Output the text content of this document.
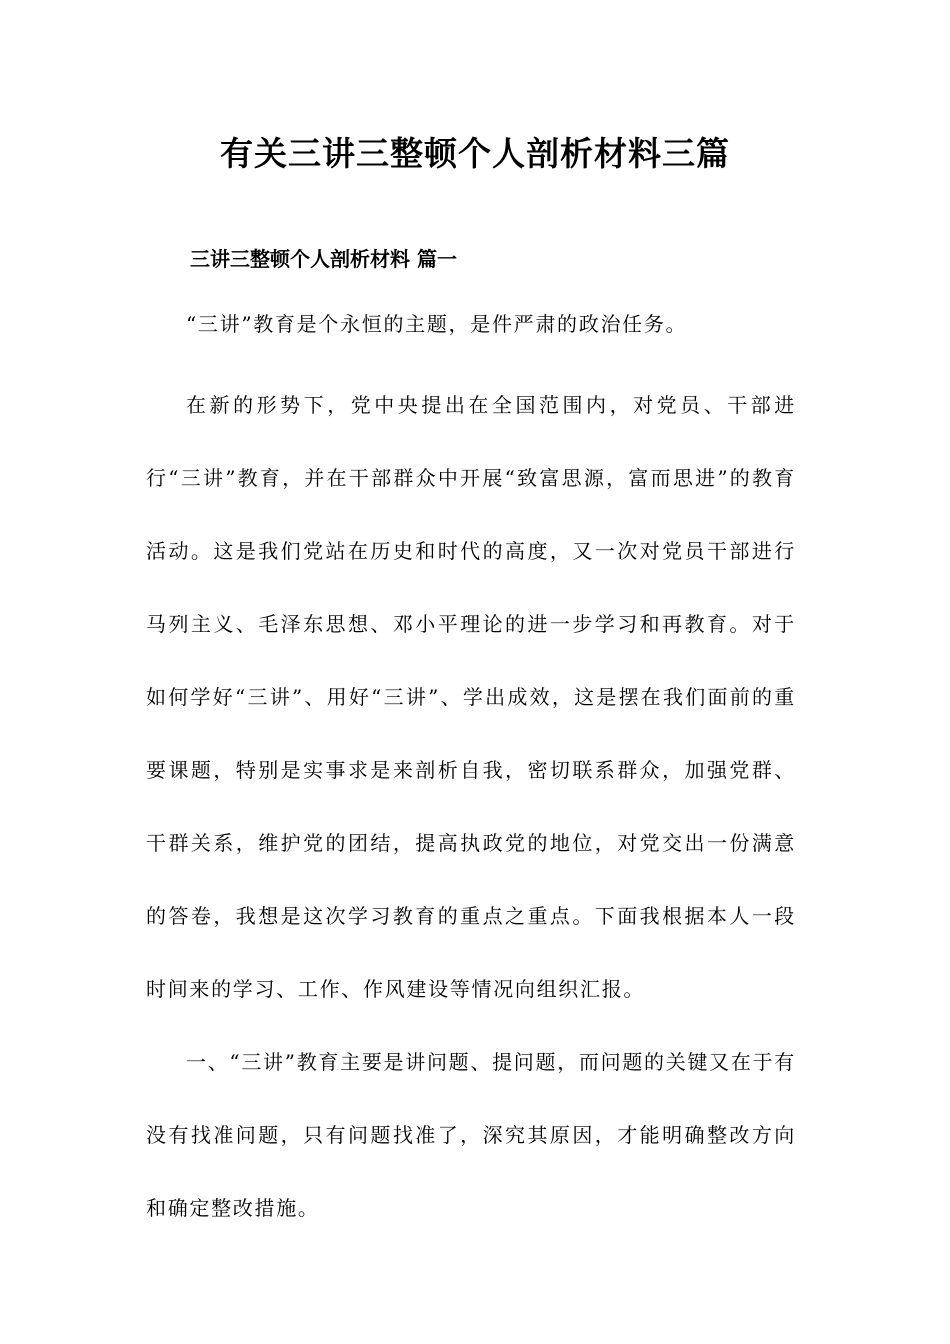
有关三讲三整顿个人剖析材料三篇
三讲三整顿个人剖析材料 篇一

“三讲”教育是个永恒的主题，是件严肃的政治任务。

在新的形势下，党中央提出在全国范围内，对党员、干部进行“三讲”教育，并在干部群众中开展“致富思源，富而思进”的教育活动。这是我们党站在历史和时代的高度，又一次对党员干部进行马列主义、毛泽东思想、邓小平理论的进一步学习和再教育。对于如何学好“三讲”、用好“三讲”、学出成效，这是摆在我们面前的重要课题，特别是实事求是来剖析自我，密切联系群众，加强党群、干群关系，维护党的团结，提高执政党的地位，对党交出一份满意的答卷，我想是这次学习教育的重点之重点。下面我根据本人一段时间来的学习、工作、作风建设等情况向组织汇报。

一、“三讲”教育主要是讲问题、提问题，而问题的关键又在于有没有找准问题，只有问题找准了，深究其原因，才能明确整改方向和确定整改措施。
